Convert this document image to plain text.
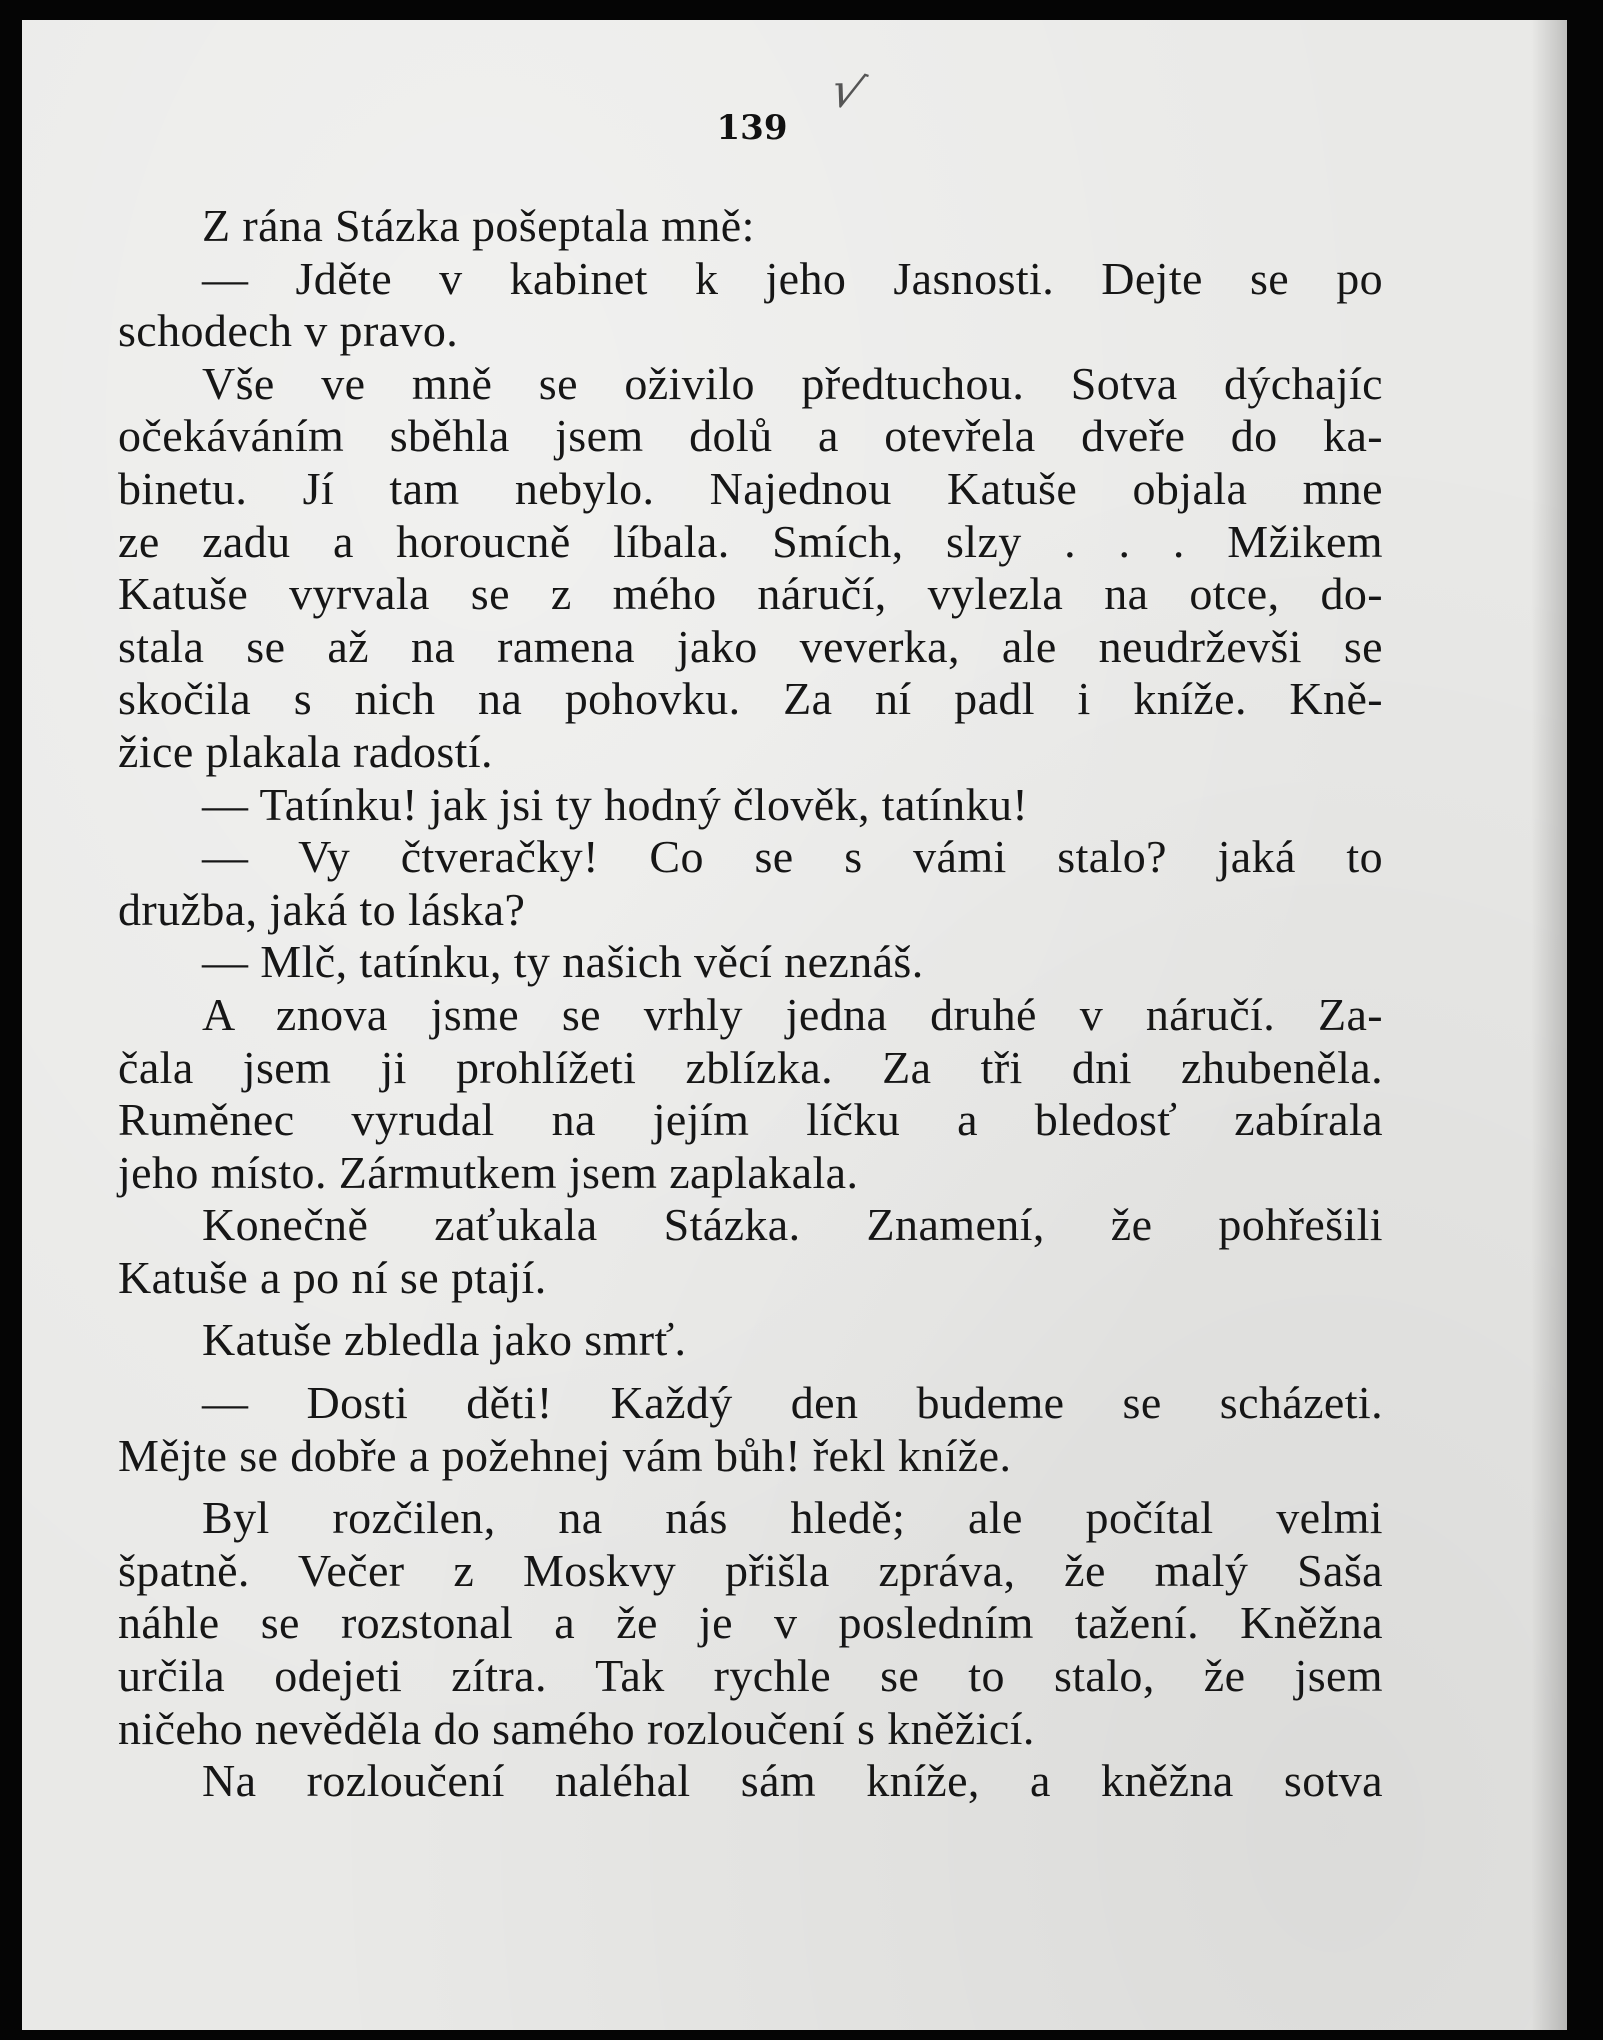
√
139
Z rána Stázka pošeptala mně:
— Jděte v kabinet k jeho Jasnosti. Dejte se po
schodech v pravo.
Vše ve mně se oživilo předtuchou. Sotva dýchajíc
očekáváním sběhla jsem dolů a otevřela dveře do ka-
binetu. Jí tam nebylo. Najednou Katuše objala mne
ze zadu a horoucně líbala. Smích, slzy . . . Mžikem
Katuše vyrvala se z mého náručí, vylezla na otce, do-
stala se až na ramena jako veverka, ale neudrževši se
skočila s nich na pohovku. Za ní padl i kníže. Kně-
žice plakala radostí.
— Tatínku! jak jsi ty hodný člověk, tatínku!
— Vy čtveračky! Co se s vámi stalo? jaká to
družba, jaká to láska?
— Mlč, tatínku, ty našich věcí neznáš.
A znova jsme se vrhly jedna druhé v náručí. Za-
čala jsem ji prohlížeti zblízka. Za tři dni zhubeněla.
Ruměnec vyrudal na jejím líčku a bledosť zabírala
jeho místo. Zármutkem jsem zaplakala.
Konečně zaťukala Stázka. Znamení, že pohřešili
Katuše a po ní se ptají.
Katuše zbledla jako smrť.
— Dosti děti! Každý den budeme se scházeti.
Mějte se dobře a požehnej vám bůh! řekl kníže.
Byl rozčilen, na nás hledě; ale počítal velmi
špatně. Večer z Moskvy přišla zpráva, že malý Saša
náhle se rozstonal a že je v posledním tažení. Kněžna
určila odejeti zítra. Tak rychle se to stalo, že jsem
ničeho nevěděla do samého rozloučení s kněžicí.
Na rozloučení naléhal sám kníže, a kněžna sotva
